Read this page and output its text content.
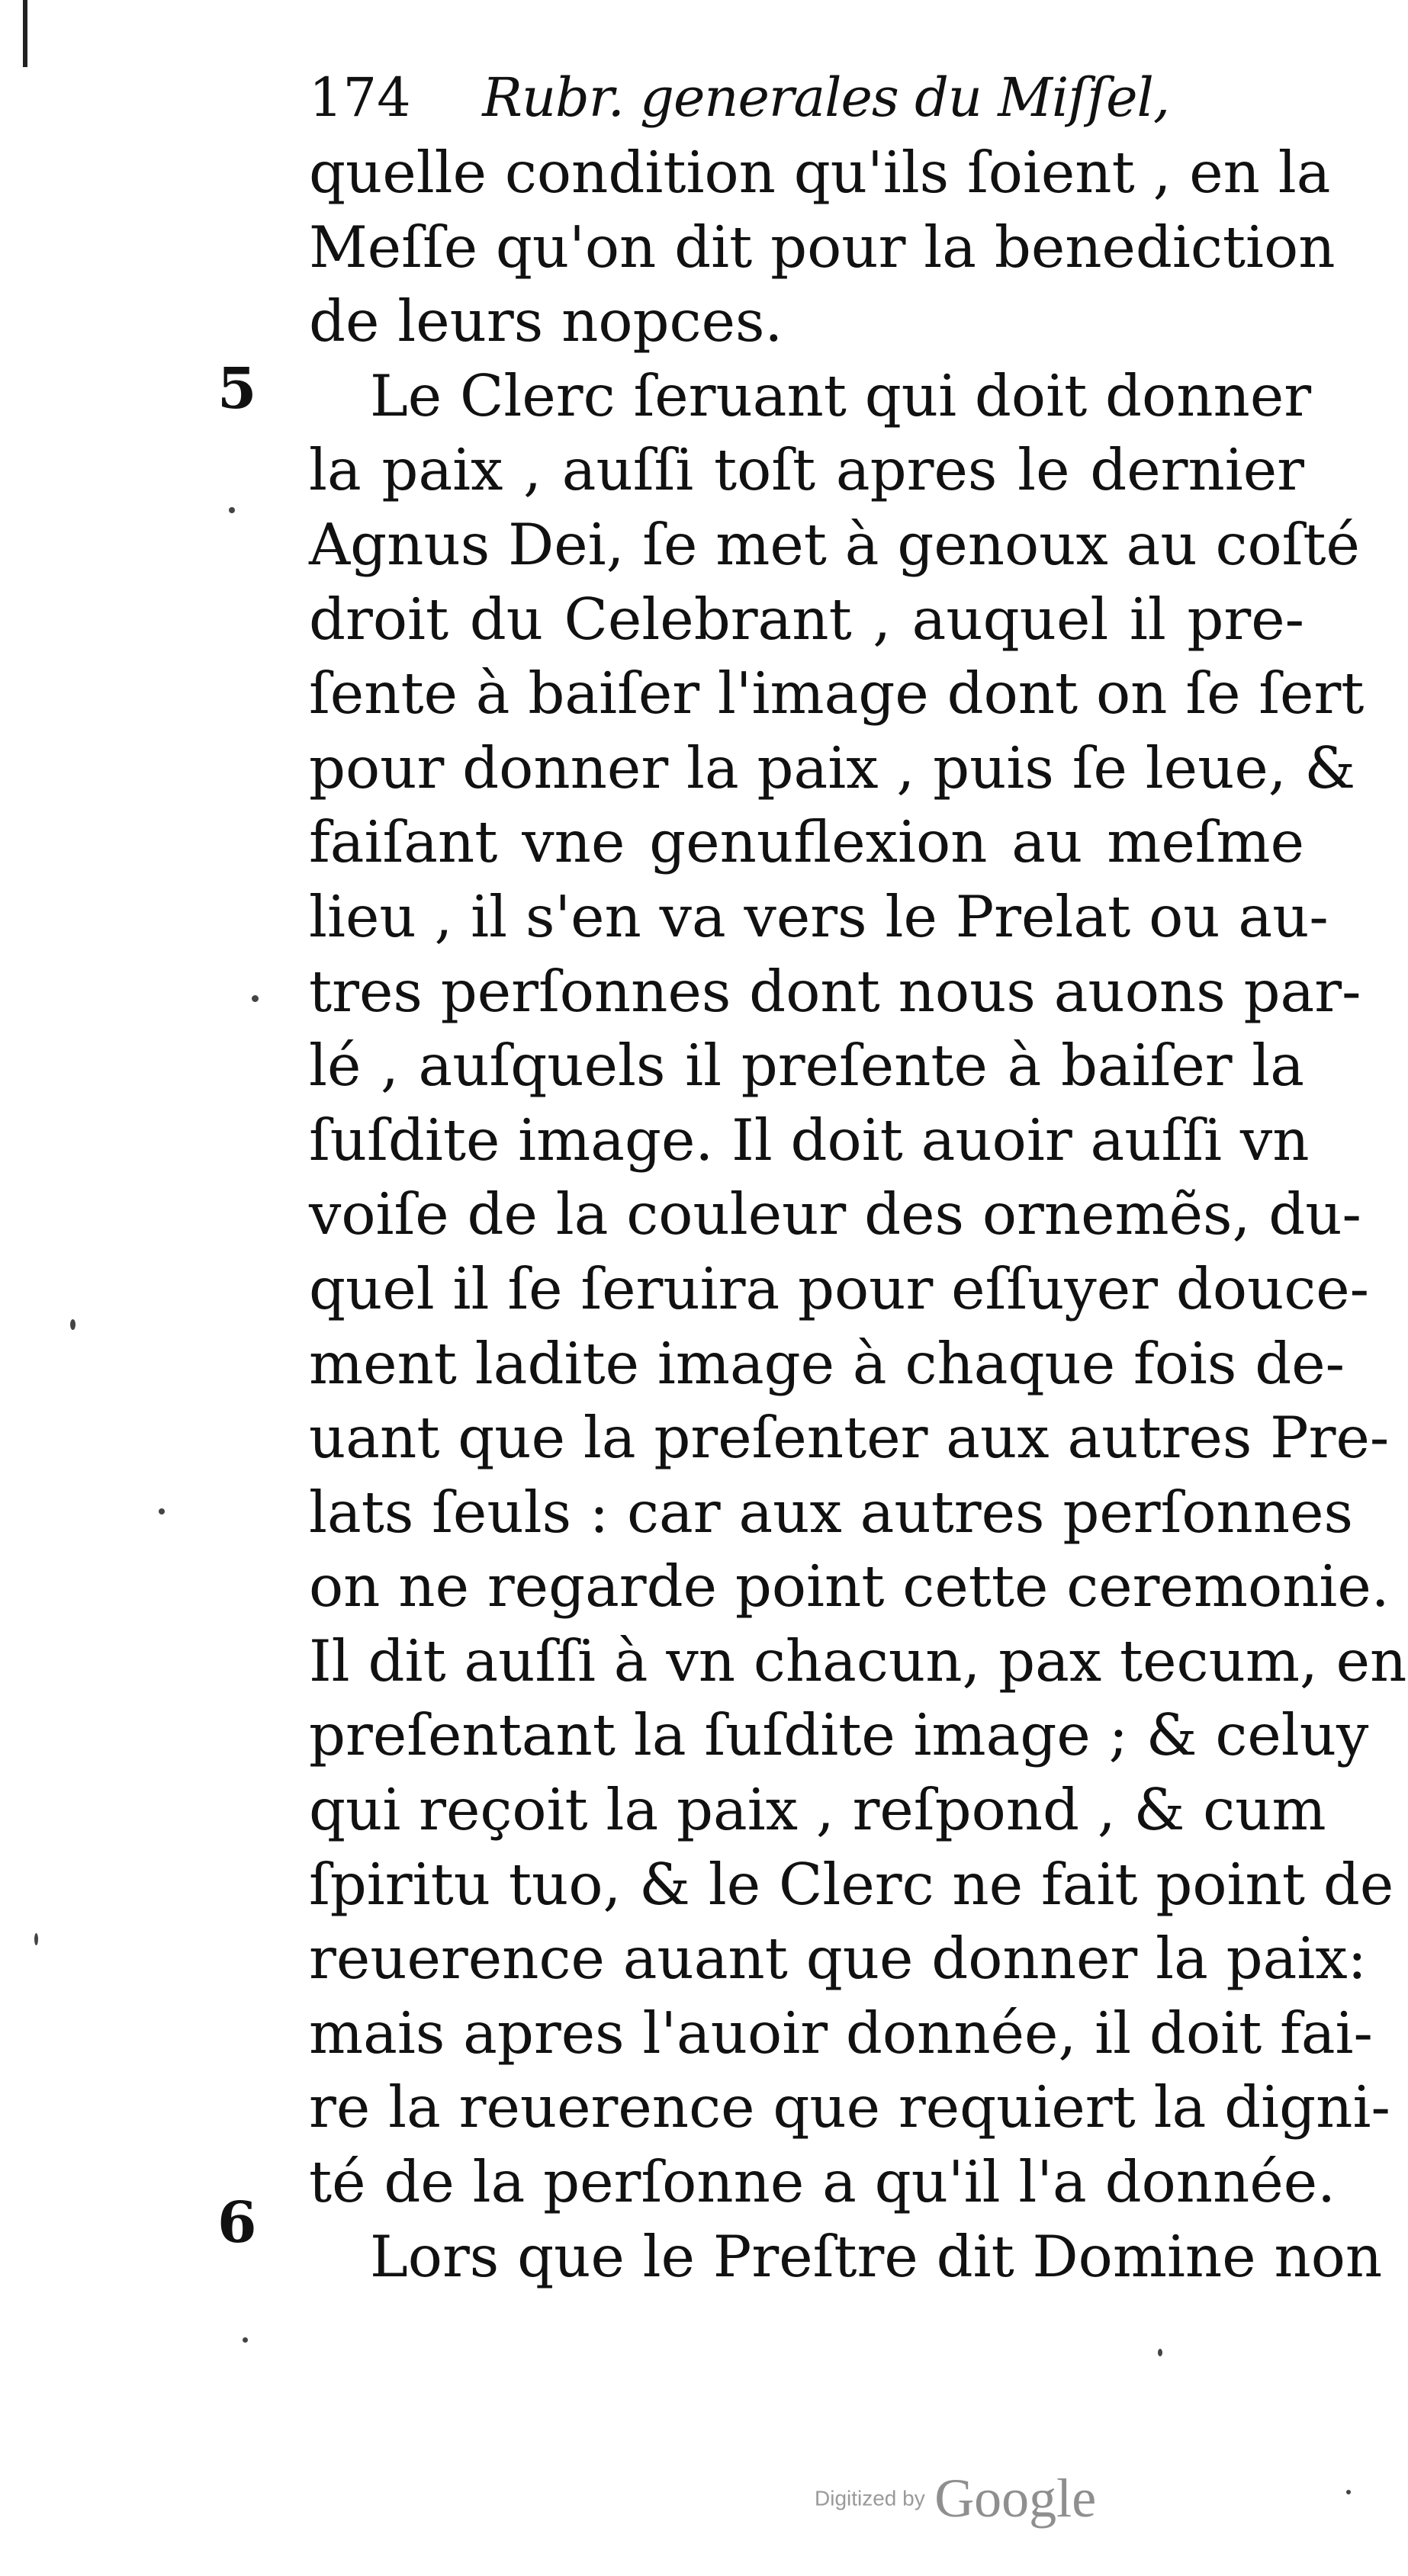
174 Rubr. generales du Miſſel,
5
6
quelle condition qu'ils ſoient , en la
Meſſe qu'on dit pour la benediction
de leurs nopces.
Le Clerc ſeruant qui doit donner
la paix , auſſi toſt apres le dernier
Agnus Dei, ſe met à genoux au coſté
droit du Celebrant , auquel il pre-
ſente à baiſer l'image dont on ſe ſert
pour donner la paix , puis ſe leue, &
faiſant vne genuflexion au meſme
lieu , il s'en va vers le Prelat ou au-
tres perſonnes dont nous auons par-
lé , auſquels il preſente à baiſer la
ſuſdite image. Il doit auoir auſſi vn
voiſe de la couleur des ornemẽs, du-
quel il ſe ſeruira pour eſſuyer douce-
ment ladite image à chaque fois de-
uant que la preſenter aux autres Pre-
lats ſeuls : car aux autres perſonnes
on ne regarde point cette ceremonie.
Il dit auſſi à vn chacun, pax tecum, en
preſentant la ſuſdite image ; & celuy
qui reçoit la paix , reſpond , & cum
ſpiritu tuo, & le Clerc ne fait point de
reuerence auant que donner la paix:
mais apres l'auoir donnée, il doit fai-
re la reuerence que requiert la digni-
té de la perſonne a qu'il l'a donnée.
Lors que le Preſtre dit Domine non
Digitized by Google
